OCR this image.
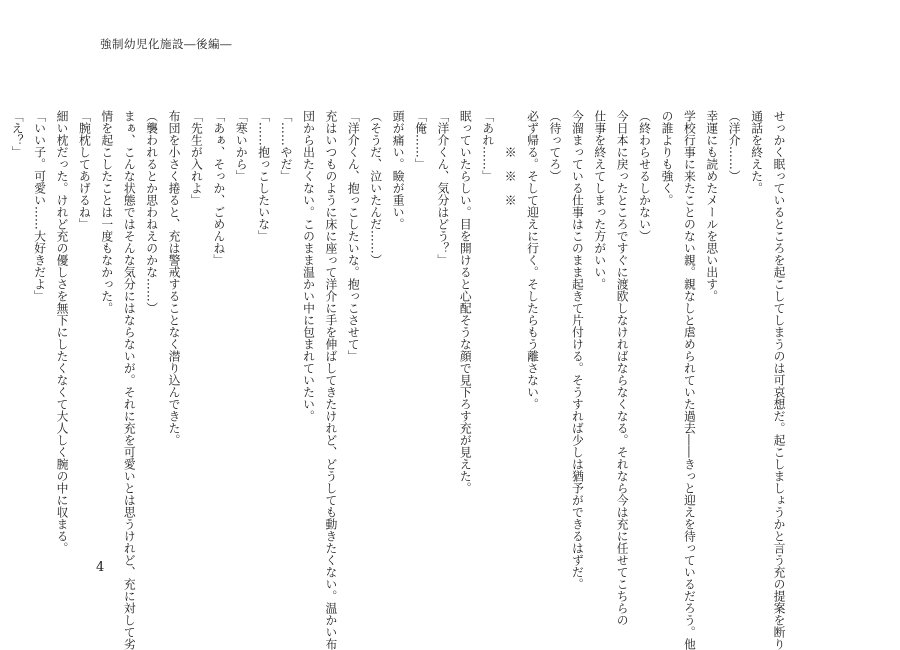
強制幼児化施設―後編―
せっかく眠っているところを起こしてしまうのは可哀想だ。起こしましょうかと言う充の提案を断り
通話を終えた。
（洋介……）
幸運にも読めたメールを思い出す。
学校行事に来たことのない親。親なしと虐められていた過去――きっと迎えを待っているだろう。他
の誰よりも強く。
（終わらせるしかない）
今日本に戻ったところですぐに渡欧しなければならなくなる。それなら今は充に任せてこちらの
仕事を終えてしまった方がいい。
今溜まっている仕事はこのまま起きて片付ける。そうすれば少しは猶予ができるはずだ。
（待ってろ）
必ず帰る。そして迎えに行く。そしたらもう離さない。
　　　※　※　※
「あれ……」
眠っていたらしい。目を開けると心配そうな顔で見下ろす充が見えた。
「洋介くん、気分はどう？」
「俺……」
頭が痛い。瞼が重い。
（そうだ、泣いたんだ……）
「洋介くん、抱っこしたいな。抱っこさせて」
充はいつものように床に座って洋介に手を伸ばしてきたけれど、どうしても動きたくない。温かい布
団から出たくない。このまま温かい中に包まれていたい。
「……やだ」
「……抱っこしたいな」
「寒いから」
「あぁ、そっか、ごめんね」
「先生が入れよ」
布団を小さく捲ると、充は警戒することなく潜り込んできた。
（襲われるとか思わねえのかな……）
まぁ、こんな状態ではそんな気分にはならないが。それに充を可愛いとは思うけれど、充に対して劣
情を起こしたことは一度もなかった。
「腕枕してあげるね」
細い枕だった。けれど充の優しさを無下にしたくなくて大人しく腕の中に収まる。
「いい子。可愛い……大好きだよ」
「え？」
4
